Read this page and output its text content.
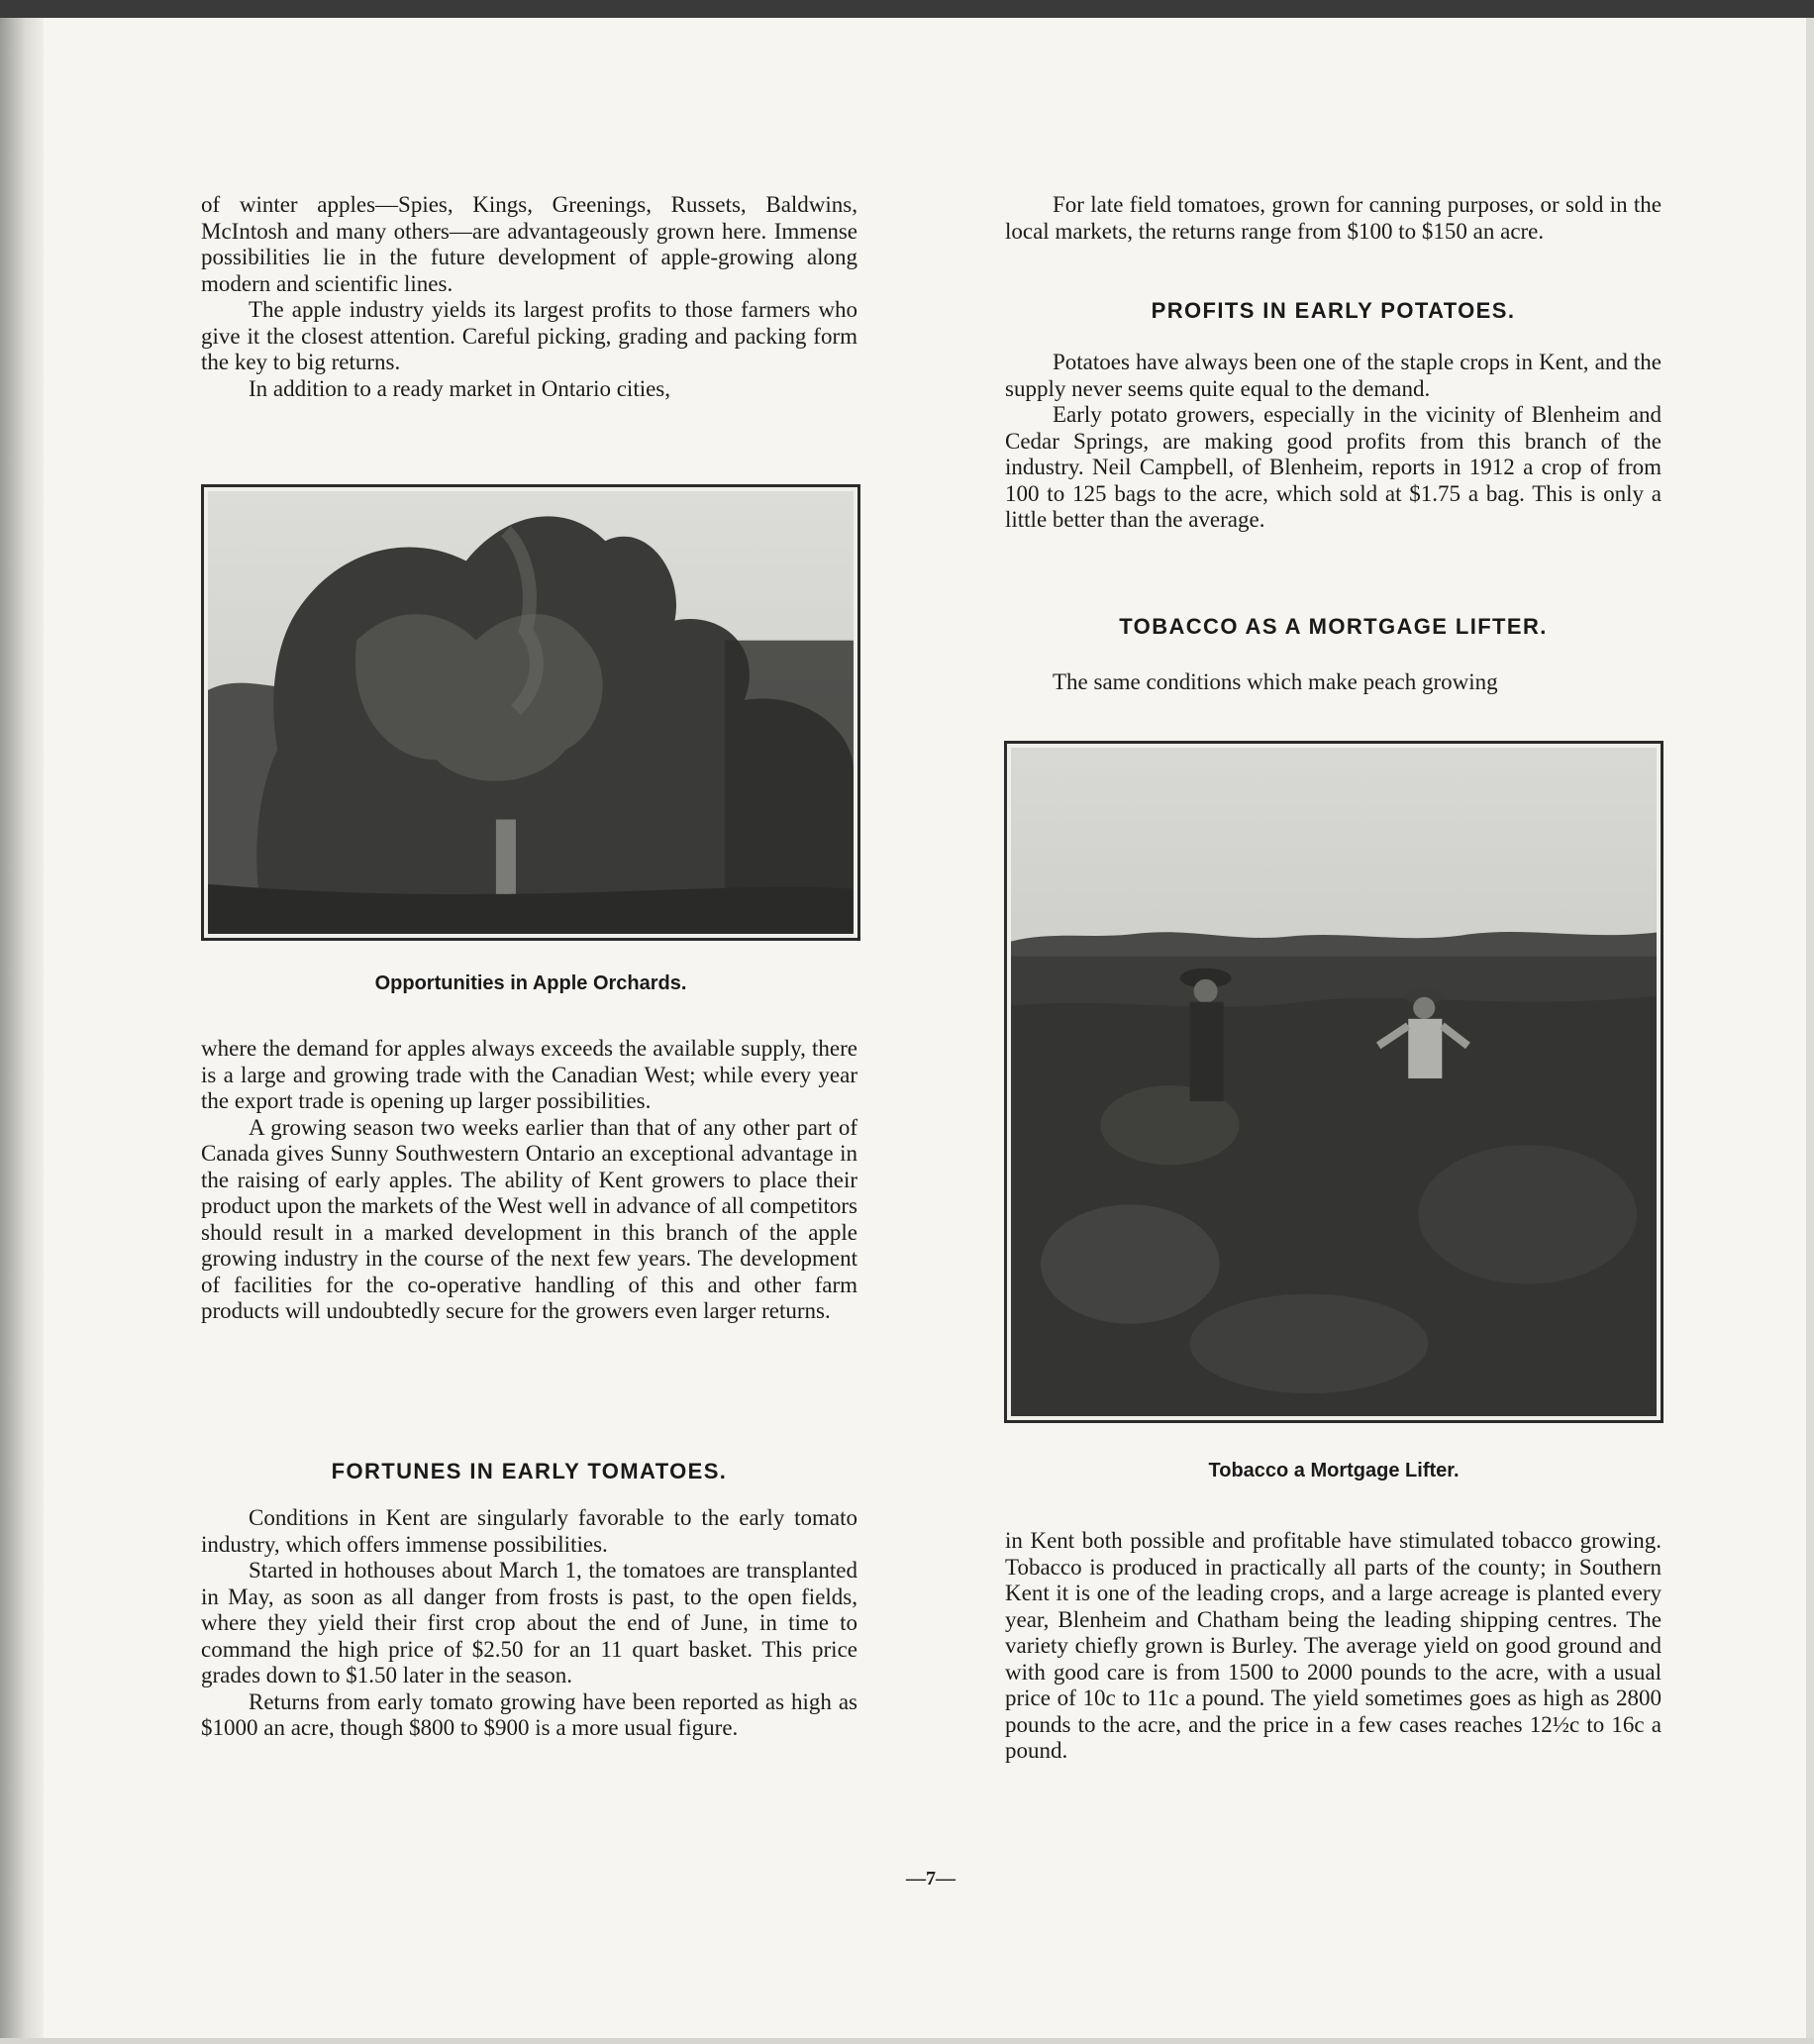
of winter apples—Spies, Kings, Greenings, Russets, Baldwins, McIntosh and many others—are advantageously grown here. Immense possibilities lie in the future development of apple-growing along modern and scientific lines.

The apple industry yields its largest profits to those farmers who give it the closest attention. Careful picking, grading and packing form the key to big returns.

In addition to a ready market in Ontario cities,

Opportunities in Apple Orchards.

where the demand for apples always exceeds the available supply, there is a large and growing trade with the Canadian West; while every year the export trade is opening up larger possibilities.

A growing season two weeks earlier than that of any other part of Canada gives Sunny Southwestern Ontario an exceptional advantage in the raising of early apples. The ability of Kent growers to place their product upon the markets of the West well in advance of all competitors should result in a marked development in this branch of the apple growing industry in the course of the next few years. The development of facilities for the co-operative handling of this and other farm products will undoubtedly secure for the growers even larger returns.

FORTUNES IN EARLY TOMATOES.

Conditions in Kent are singularly favorable to the early tomato industry, which offers immense possibilities.

Started in hothouses about March 1, the tomatoes are transplanted in May, as soon as all danger from frosts is past, to the open fields, where they yield their first crop about the end of June, in time to command the high price of $2.50 for an 11 quart basket. This price grades down to $1.50 later in the season.

Returns from early tomato growing have been reported as high as $1000 an acre, though $800 to $900 is a more usual figure.

For late field tomatoes, grown for canning purposes, or sold in the local markets, the returns range from $100 to $150 an acre.

PROFITS IN EARLY POTATOES.

Potatoes have always been one of the staple crops in Kent, and the supply never seems quite equal to the demand.

Early potato growers, especially in the vicinity of Blenheim and Cedar Springs, are making good profits from this branch of the industry. Neil Campbell, of Blenheim, reports in 1912 a crop of from 100 to 125 bags to the acre, which sold at $1.75 a bag. This is only a little better than the average.

TOBACCO AS A MORTGAGE LIFTER.

The same conditions which make peach growing

Tobacco a Mortgage Lifter.

in Kent both possible and profitable have stimulated tobacco growing. Tobacco is produced in practically all parts of the county; in Southern Kent it is one of the leading crops, and a large acreage is planted every year, Blenheim and Chatham being the leading shipping centres. The variety chiefly grown is Burley. The average yield on good ground and with good care is from 1500 to 2000 pounds to the acre, with a usual price of 10c to 11c a pound. The yield sometimes goes as high as 2800 pounds to the acre, and the price in a few cases reaches 12½c to 16c a pound.

—7—
